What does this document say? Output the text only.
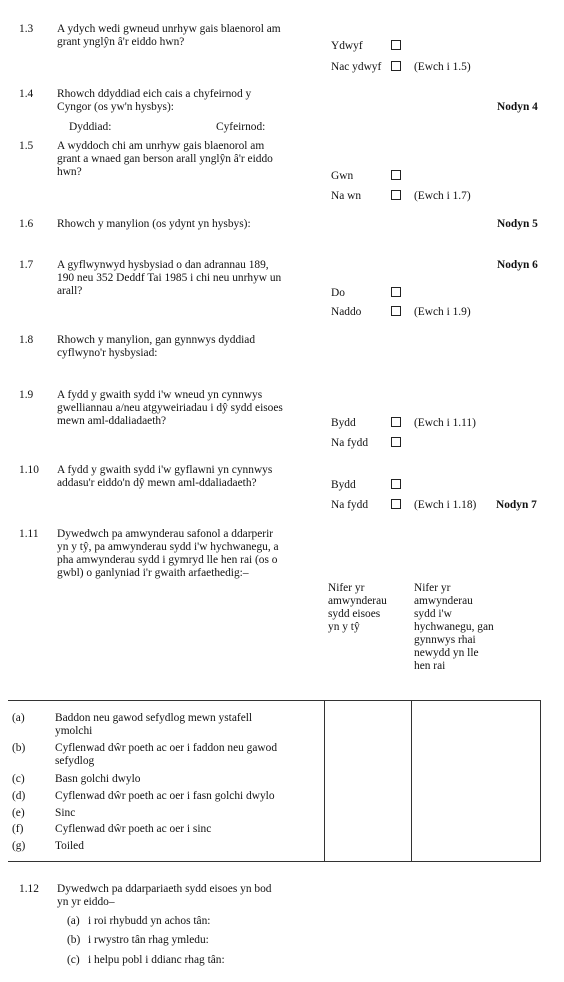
1.3 A ydych wedi gwneud unrhyw gais blaenorol am
grant ynglŷn â'r eiddo hwn?	Ydwyf
Nac ydwyf	(Ewch i 1.5)
1.4 Rhowch ddyddiad eich cais a chyfeirnod y
Cyngor (os yw'n hysbys):	Nodyn 4
Dyddiad:	Cyfeirnod:
1.5 A wyddoch chi am unrhyw gais blaenorol am
grant a wnaed gan berson arall ynglŷn â'r eiddo
hwn?	Gwn
Na wn	(Ewch i 1.7)
1.6 Rhowch y manylion (os ydynt yn hysbys):	Nodyn 5
1.7 A gyflwynwyd hysbysiad o dan adrannau 189,
190 neu 352 Deddf Tai 1985 i chi neu unrhyw un
arall?
Nodyn 6
Do
Naddo	(Ewch i 1.9)
1.8 Rhowch y manylion, gan gynnwys dyddiad
cyflwyno'r hysbysiad:
1.9 A fydd y gwaith sydd i'w wneud yn cynnwys
gwelliannau a/neu atgyweiriadau i dŷ sydd eisoes
mewn aml-ddaliadaeth?	Bydd	(Ewch i 1.11)
Na fydd
1.10 A fydd y gwaith sydd i'w gyflawni yn cynnwys
addasu'r eiddo'n dŷ mewn aml-ddaliadaeth?	Bydd
Na fydd	(Ewch i 1.18) Nodyn 7
1.11 Dywedwch pa amwynderau safonol a ddarperir
yn y tŷ, pa amwynderau sydd i'w hychwanegu, a
pha amwynderau sydd i gymryd lle hen rai (os o
gwbl) o ganlyniad i'r gwaith arfaethedig:–
Nifer yr
amwynderau
sydd eisoes
yn y tŷ
Nifer yr
amwynderau
sydd i'w
hychwanegu, gan
gynnwys rhai
newydd yn lle
hen rai
(a)	Baddon neu gawod sefydlog mewn ystafell
ymolchi
(b)	Cyflenwad dŵr poeth ac oer i faddon neu gawod
sefydlog
(c)	Basn golchi dwylo
(d)	Cyflenwad dŵr poeth ac oer i fasn golchi dwylo
(e)	Sinc
(f)	Cyflenwad dŵr poeth ac oer i sinc
(g)	Toiled
1.12 Dywedwch pa ddarpariaeth sydd eisoes yn bod
yn yr eiddo–
(a) i roi rhybudd yn achos tân:
(b) i rwystro tân rhag ymledu:
(c) i helpu pobl i ddianc rhag tân:
